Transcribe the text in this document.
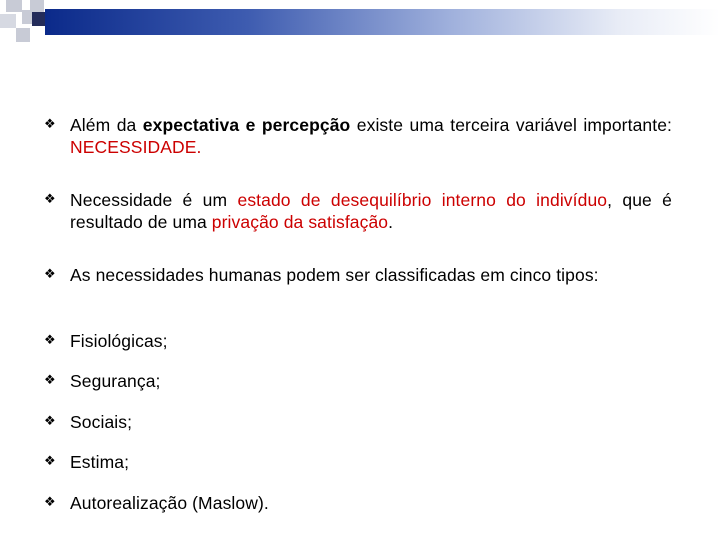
❖ Além da expectativa e percepção existe uma terceira variável importante: NECESSIDADE.
❖ Necessidade é um estado de desequilíbrio interno do indivíduo, que é resultado de uma privação da satisfação.
❖ As necessidades humanas podem ser classificadas em cinco tipos:
❖ Fisiológicas;
❖ Segurança;
❖ Sociais;
❖ Estima;
❖ Autorealização (Maslow).
